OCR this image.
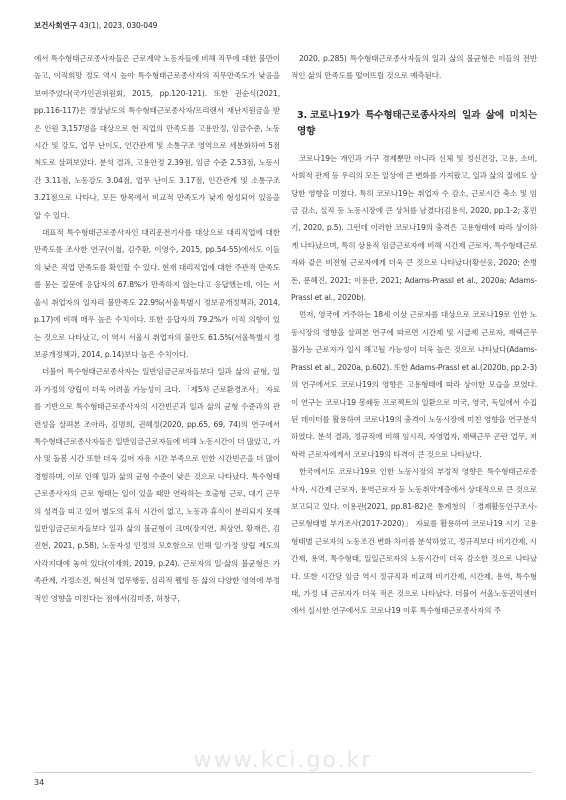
보건사회연구 43(1), 2023, 030-049

에서 특수형태근로종사자들은 근로계약 노동자들에 비해 직무에 대한 불만이 높고, 이직희망 정도 역시 높아 특수형태근로종사자의 직무만족도가 낮음을 보여주었다(국가인권위원회, 2015, pp.120-121). 또한 권순식(2021, pp.116-117)은 경상남도의 특수형태근로종사자/프리랜서 재난지원금을 받은 인원 3,157명을 대상으로 현 직업의 만족도를 고용안정, 임금수준, 노동시간 및 강도, 업무 난이도, 인간관계 및 소통구조 영역으로 세분화하여 5점 척도로 살펴보았다. 분석 결과, 고용안정 2.39점, 임금 수준 2.53점, 노동시간 3.11점, 노동강도 3.04점, 업무 난이도 3.17점, 인간관계 및 소통구조 3.21점으로 나타나, 모든 항목에서 비교적 만족도가 낮게 형성되어 있음을 알 수 있다.

대표적 특수형태근로종사자인 대리운전기사를 대상으로 대리직업에 대한 만족도를 조사한 연구(이철, 김주환, 이영수, 2015, pp.54-55)에서도 이들의 낮은 직업 만족도를 확인할 수 있다. 현재 대리직업에 대한 주관적 만족도를 묻는 질문에 응답자의 67.8%가 만족하지 않는다고 응답했는데, 이는 서울시 취업자의 일자리 불만족도 22.9%(서울특별시 정보공개정책과, 2014, p.17)에 비해 매우 높은 수치이다. 또한 응답자의 79.2%가 이직 의향이 있는 것으로 나타났고, 이 역시 서울시 취업자의 불안도 61.5%(서울특별시 정보공개정책과, 2014, p.14)보다 높은 수치이다.

더불어 특수형태근로종사자는 일반임금근로자들보다 일과 삶의 균형, 일과 가정의 양립이 더욱 어려울 가능성이 크다. 「제5차 근로환경조사」 자료를 기반으로 특수형태근로종사자의 시간빈곤과 일과 삶의 균형 수준과의 관련성을 살펴본 조아라, 김명희, 권혜정(2020, pp.65, 69, 74)의 연구에서 특수형태근로종사자들은 일반임금근로자들에 비해 노동시간이 더 많았고, 가사 및 돌봄 시간 또한 더욱 길어 자유 시간 부족으로 인한 시간빈곤을 더 많이 경험하며, 이로 인해 일과 삶의 균형 수준이 낮은 것으로 나타났다. 특수형태근로종사자의 근로 형태는 일이 있을 때만 연락하는 호출형 근로, 대기 근무의 성격을 띠고 있어 별도의 휴식 시간이 없고, 노동과 휴식이 분리되지 못해 일반임금근로자들보다 일과 삶의 불균형이 크며(장지연, 최상연, 황재은, 김진현, 2021, p.58), 노동자성 인정의 모호함으로 인해 일·가정 양립 제도의 사각지대에 놓여 있다(이재희, 2019, p.24). 근로자의 일·삶의 불균형은 가족관계, 가정소진, 혁신적 업무행동, 심리적 웰빙 등 삶의 다양한 영역에 부정적인 영향을 미친다는 점에서(김미종, 허창구,

2020, p.285) 특수형태근로종사자들의 일과 삶의 불균형은 이들의 전반적인 삶의 만족도를 떨어뜨릴 것으로 예측된다.

3. 코로나19가 특수형태근로종사자의 일과 삶에 미치는 영향

코로나19는 개인과 가구 경제뿐만 아니라 신체 및 정신건강, 고용, 소비, 사회적 관계 등 우리의 모든 일상에 큰 변화를 가져왔고, 일과 삶의 질에도 상당한 영향을 미쳤다. 특히 코로나19는 취업자 수 감소, 근로시간 축소 및 임금 감소, 실직 등 노동시장에 큰 상처를 남겼다(김용식, 2020, pp.1-2; 홍민기, 2020, p.5). 그런데 이러한 코로나19의 충격은 고용형태에 따라 상이하게 나타났으며, 특히 상용직 임금근로자에 비해 시간제 근로자, 특수형태근로자와 같은 비전형 근로자에게 더욱 큰 것으로 나타났다(황선웅, 2020; 손병돈, 문혜진, 2021; 이용관, 2021; Adams-Prassl et al., 2020a; Adams-Prassl et al., 2020b).

먼저, 영국에 거주하는 18세 이상 근로자를 대상으로 코로나19로 인한 노동시장의 영향을 살펴본 연구에 따르면 시간제 및 시급제 근로자, 재택근무 불가능 근로자가 일시 해고될 가능성이 더욱 높은 것으로 나타났다(Adams-Prassl et al., 2020a, p.602). 또한 Adams-Prassl et al.(2020b, pp.2-3)의 연구에서도 코로나19의 영향은 고용형태에 따라 상이한 모습을 보였다. 이 연구는 코로나19 봉쇄동 프로젝트의 일환으로 미국, 영국, 독일에서 수집된 데이터를 활용하여 코로나19의 충격이 노동시장에 미친 영향을 연구분석하였다. 분석 결과, 정규직에 비해 임시직, 자영업자, 재택근무 곤란 업무, 저학력 근로자에게서 코로나19의 타격이 큰 것으로 나타났다.

한국에서도 코로나19로 인한 노동시장의 부정적 영향은 특수형태근로종사자, 시간제 근로자, 용역근로자 등 노동취약계층에서 상대적으로 큰 것으로 보고되고 있다. 이용관(2021, pp.81-82)은 통계청의 「경제활동인구조사-근로형태별 부가조사(2017-2020)」 자료를 활용하여 코로나19 시기 고용형태별 근로자의 노동조건 변화 차이를 분석하였고, 정규직보다 비기간제, 시간제, 용역, 특수형태, 일일근로자의 노동시간이 더욱 감소한 것으로 나타났다. 또한 시간당 임금 역시 정규직과 비교해 비기간제, 시간제, 용역, 특수형태, 가정 내 근로자가 더욱 적은 것으로 나타났다. 더불어 서울노동권익센터에서 실시한 연구에서도 코로나19 이후 특수형태근로종사자의 주

www.kci.go.kr
34
